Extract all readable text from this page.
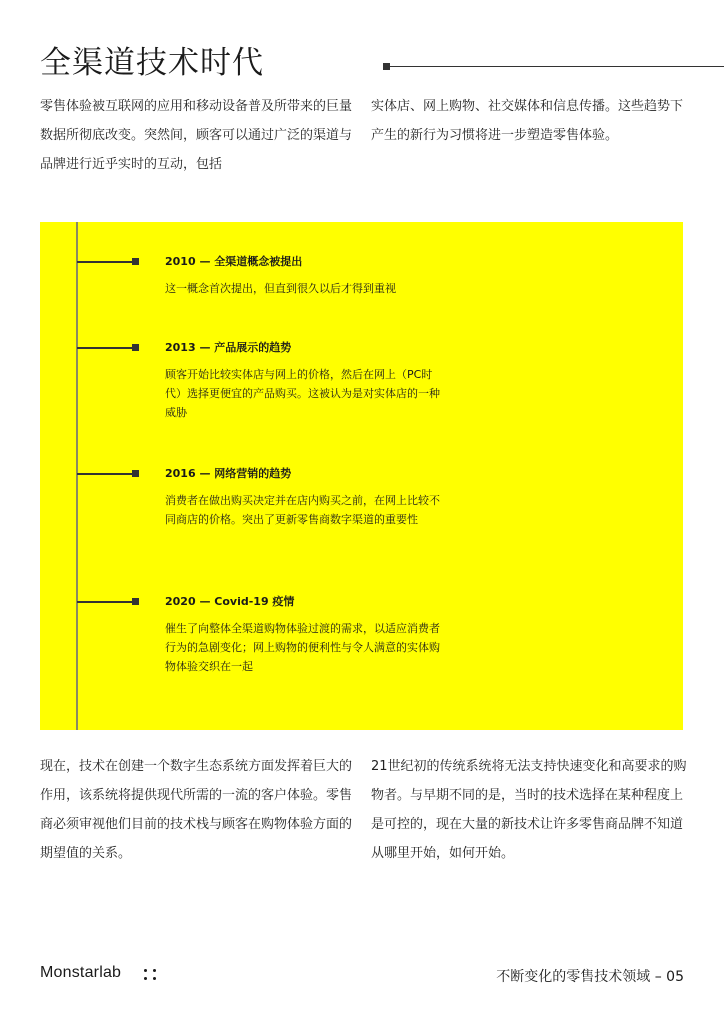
全渠道技术时代

零售体验被互联网的应用和移动设备普及所带来的巨量数据所彻底改变。突然间，顾客可以通过广泛的渠道与品牌进行近乎实时的互动，包括

实体店、网上购物、社交媒体和信息传播。这些趋势下产生的新行为习惯将进一步塑造零售体验。

2010 — 全渠道概念被提出

这一概念首次提出，但直到很久以后才得到重视

2013 — 产品展示的趋势

顾客开始比较实体店与网上的价格，然后在网上（PC时代）选择更便宜的产品购买。这被认为是对实体店的一种威胁

2016 — 网络营销的趋势

消费者在做出购买决定并在店内购买之前，在网上比较不同商店的价格。突出了更新零售商数字渠道的重要性

2020 — Covid-19 疫情

催生了向整体全渠道购物体验过渡的需求，以适应消费者行为的急剧变化；网上购物的便利性与令人满意的实体购物体验交织在一起

现在，技术在创建一个数字生态系统方面发挥着巨大的作用，该系统将提供现代所需的一流的客户体验。零售商必须审视他们目前的技术栈与顾客在购物体验方面的期望值的关系。

21世纪初的传统系统将无法支持快速变化和高要求的购物者。与早期不同的是，当时的技术选择在某种程度上是可控的，现在大量的新技术让许多零售商品牌不知道从哪里开始，如何开始。

Monstarlab	不断变化的零售技术领域 – 05
